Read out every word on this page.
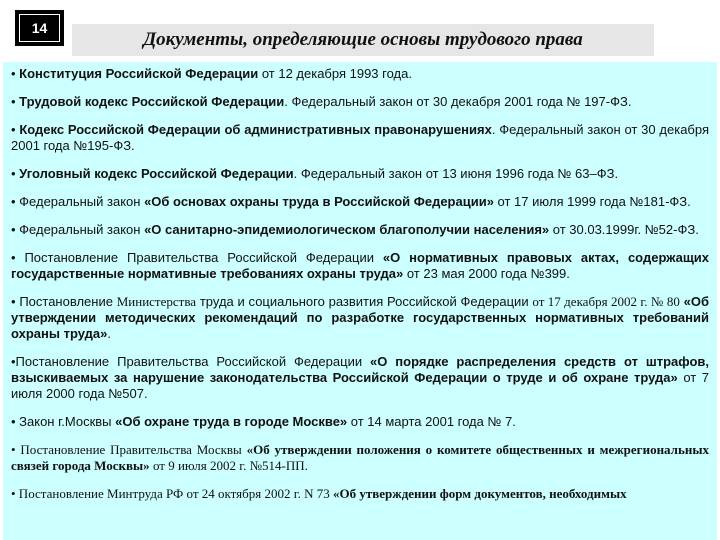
14
Документы, определяющие основы трудового права
• Конституция Российской Федерации от 12 декабря 1993 года.
• Трудовой кодекс Российской Федерации. Федеральный закон от 30 декабря 2001 года № 197-ФЗ.
• Кодекс Российской Федерации об административных правонарушениях. Федеральный закон от 30 декабря 2001 года №195-ФЗ.
• Уголовный кодекс Российской Федерации. Федеральный закон от 13 июня 1996 года № 63–ФЗ.
• Федеральный закон «Об основах охраны труда в Российской Федерации» от 17 июля 1999 года №181-ФЗ.
• Федеральный закон «О санитарно-эпидемиологическом благополучии населения» от 30.03.1999г. №52-ФЗ.
• Постановление Правительства Российской Федерации «О нормативных правовых актах, содержащих государственные нормативные требованиях охраны труда» от 23 мая 2000 года №399.
• Постановление Министерства труда и социального развития Российской Федерации от 17 декабря 2002 г. № 80 «Об утверждении методических рекомендаций по разработке государственных нормативных требований охраны труда».
•Постановление Правительства Российской Федерации «О порядке распределения средств от штрафов, взыскиваемых за нарушение законодательства Российской Федерации о труде и об охране труда» от 7 июля 2000 года №507.
• Закон г.Москвы «Об охране труда в городе Москве» от 14 марта 2001 года № 7.
• Постановление Правительства Москвы «Об утверждении положения о комитете общественных и межрегиональных связей города Москвы» от 9 июля 2002 г. №514-ПП.
• Постановление Минтруда РФ от 24 октября 2002 г. N 73 «Об утверждении форм документов, необходимых
